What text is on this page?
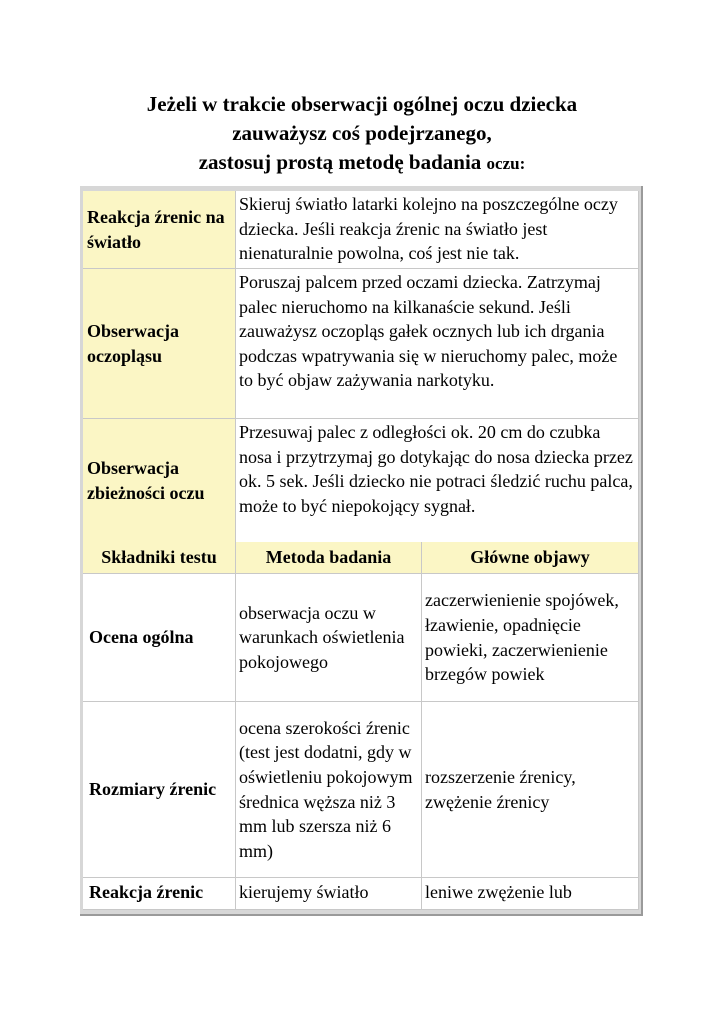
Jeżeli w trakcie obserwacji ogólnej oczu dziecka
zauważysz coś podejrzanego,
zastosuj prostą metodę badania oczu:
Reakcja źrenic na światło	Skieruj światło latarki kolejno na poszczególne oczy dziecka. Jeśli reakcja źrenic na światło jest nienaturalnie powolna, coś jest nie tak.
Obserwacja oczopląsu	Poruszaj palcem przed oczami dziecka. Zatrzymaj palec nieruchomo na kilkanaście sekund. Jeśli zauważysz oczopląs gałek ocznych lub ich drgania podczas wpatrywania się w nieruchomy palec, może to być objaw zażywania narkotyku.
Obserwacja zbieżności oczu	Przesuwaj palec z odległości ok. 20 cm do czubka nosa i przytrzymaj go dotykając do nosa dziecka przez ok. 5 sek. Jeśli dziecko nie potraci śledzić ruchu palca, może to być niepokojący sygnał.
Składniki testu	Metoda badania	Główne objawy
Ocena ogólna	obserwacja oczu w warunkach oświetlenia pokojowego	zaczerwienienie spojówek, łzawienie, opadnięcie powieki, zaczerwienienie brzegów powiek
Rozmiary źrenic	ocena szerokości źrenic (test jest dodatni, gdy w oświetleniu pokojowym średnica węższa niż 3 mm lub szersza niż 6 mm)	rozszerzenie źrenicy, zwężenie źrenicy
Reakcja źrenic	kierujemy światło	leniwe zwężenie lub
